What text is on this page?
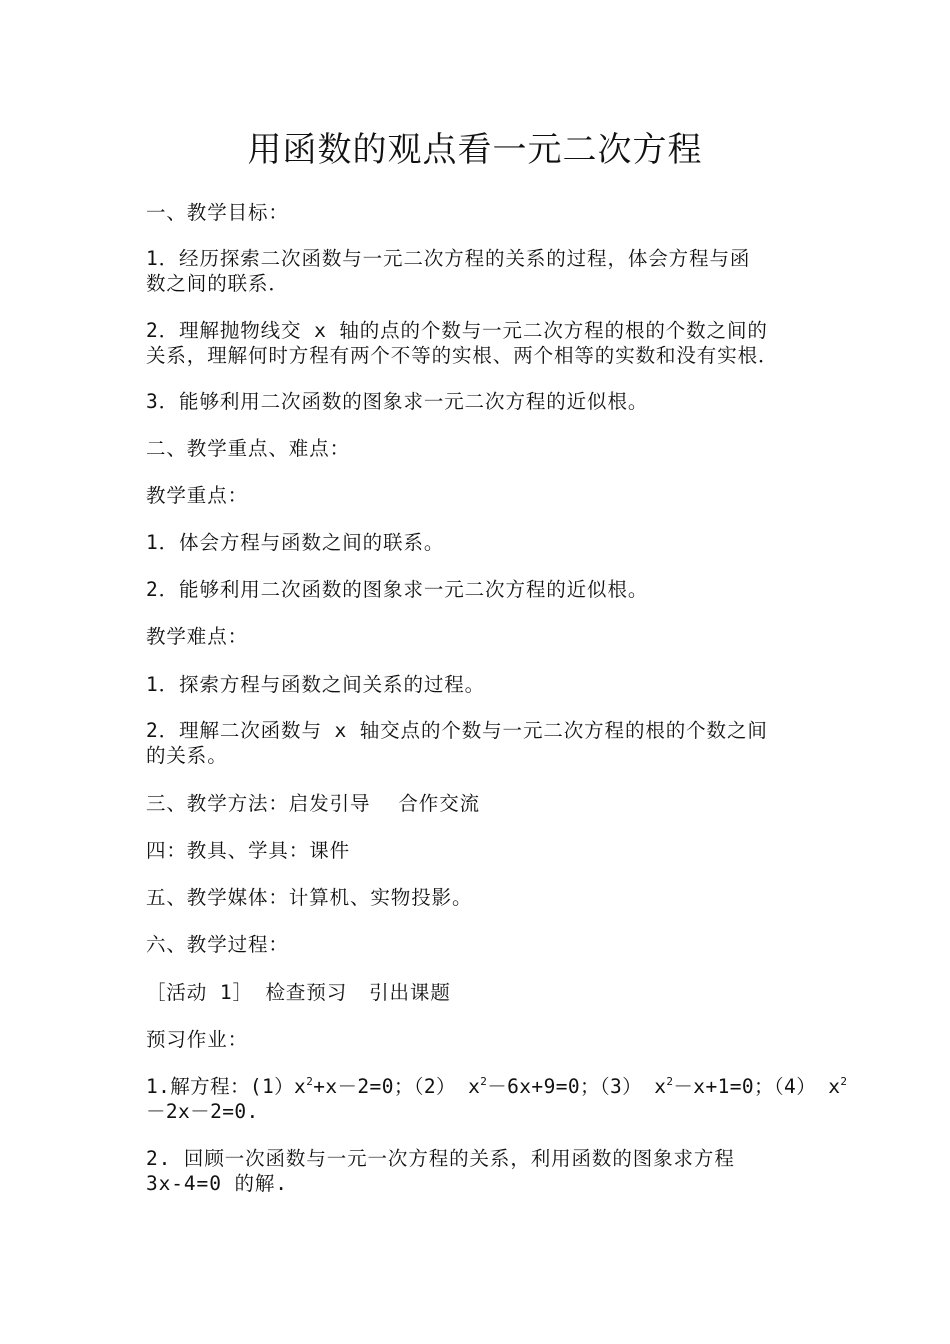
用函数的观点看一元二次方程
一、教学目标：
1．经历探索二次函数与一元二次方程的关系的过程，体会方程与函
数之间的联系．
2．理解抛物线交 x 轴的点的个数与一元二次方程的根的个数之间的
关系，理解何时方程有两个不等的实根、两个相等的实数和没有实根．
3．能够利用二次函数的图象求一元二次方程的近似根。
二、教学重点、难点：
教学重点：
1．体会方程与函数之间的联系。
2．能够利用二次函数的图象求一元二次方程的近似根。
教学难点：
1．探索方程与函数之间关系的过程。
2．理解二次函数与 x 轴交点的个数与一元二次方程的根的个数之间
的关系。
三、教学方法：启发引导 合作交流
四：教具、学具：课件
五、教学媒体：计算机、实物投影。
六、教学过程：
［活动 1］ 检查预习 引出课题
预习作业：
1.解方程：$(1)x^2+x-2=0$；（2） $x^2-6x+9=0$；（3） $x^2-x+1=0$；（4） $x^2$
－2x－2=0.
2. 回顾一次函数与一元一次方程的关系，利用函数的图象求方程
3x-4=0 的解.
